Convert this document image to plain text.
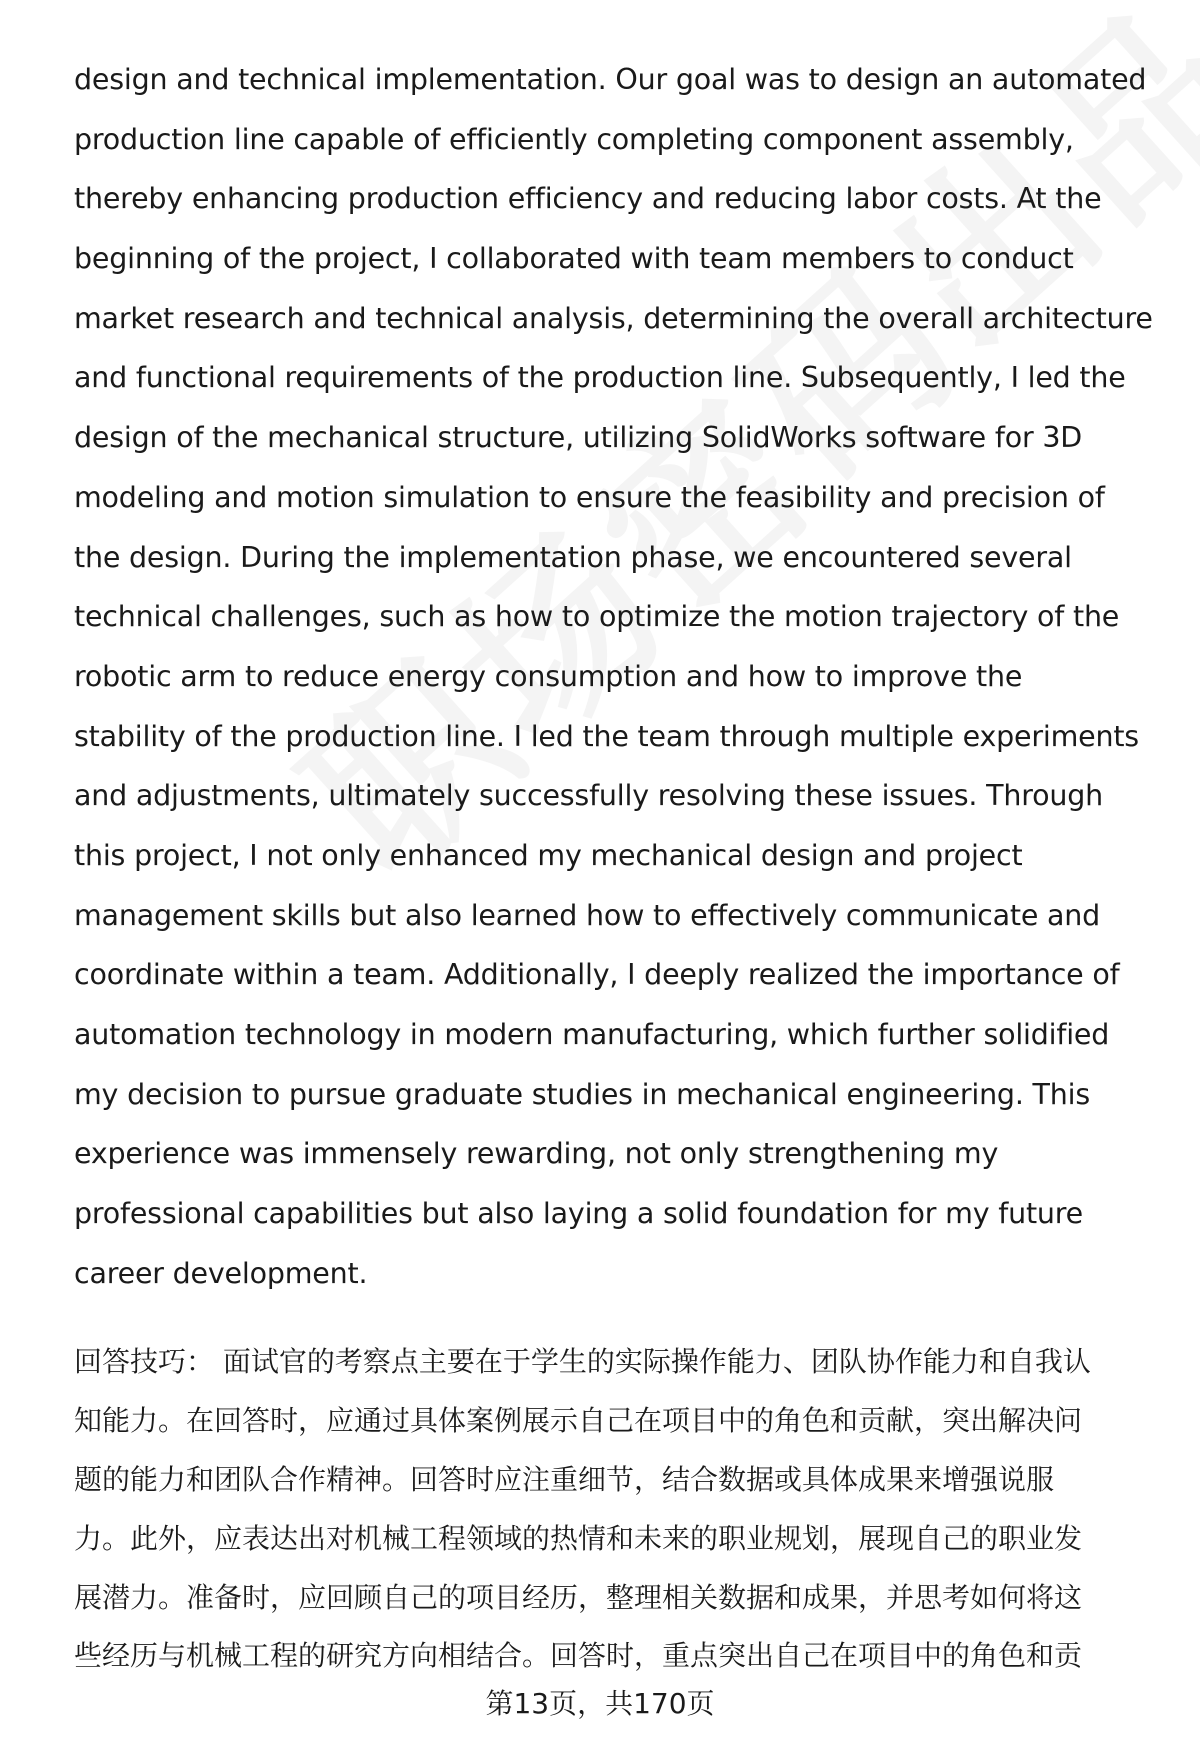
design and technical implementation. Our goal was to design an automated
production line capable of efficiently completing component assembly,
thereby enhancing production efficiency and reducing labor costs. At the
beginning of the project, I collaborated with team members to conduct
market research and technical analysis, determining the overall architecture
and functional requirements of the production line. Subsequently, I led the
design of the mechanical structure, utilizing SolidWorks software for 3D
modeling and motion simulation to ensure the feasibility and precision of
the design. During the implementation phase, we encountered several
technical challenges, such as how to optimize the motion trajectory of the
robotic arm to reduce energy consumption and how to improve the
stability of the production line. I led the team through multiple experiments
and adjustments, ultimately successfully resolving these issues. Through
this project, I not only enhanced my mechanical design and project
management skills but also learned how to effectively communicate and
coordinate within a team. Additionally, I deeply realized the importance of
automation technology in modern manufacturing, which further solidified
my decision to pursue graduate studies in mechanical engineering. This
experience was immensely rewarding, not only strengthening my
professional capabilities but also laying a solid foundation for my future
career development.
回答技巧： 面试官的考察点主要在于学生的实际操作能力、团队协作能力和自我认
知能力。在回答时，应通过具体案例展示自己在项目中的角色和贡献，突出解决问
题的能力和团队合作精神。回答时应注重细节，结合数据或具体成果来增强说服
力。此外，应表达出对机械工程领域的热情和未来的职业规划，展现自己的职业发
展潜力。准备时，应回顾自己的项目经历，整理相关数据和成果，并思考如何将这
些经历与机械工程的研究方向相结合。回答时，重点突出自己在项目中的角色和贡
第13页，共170页
